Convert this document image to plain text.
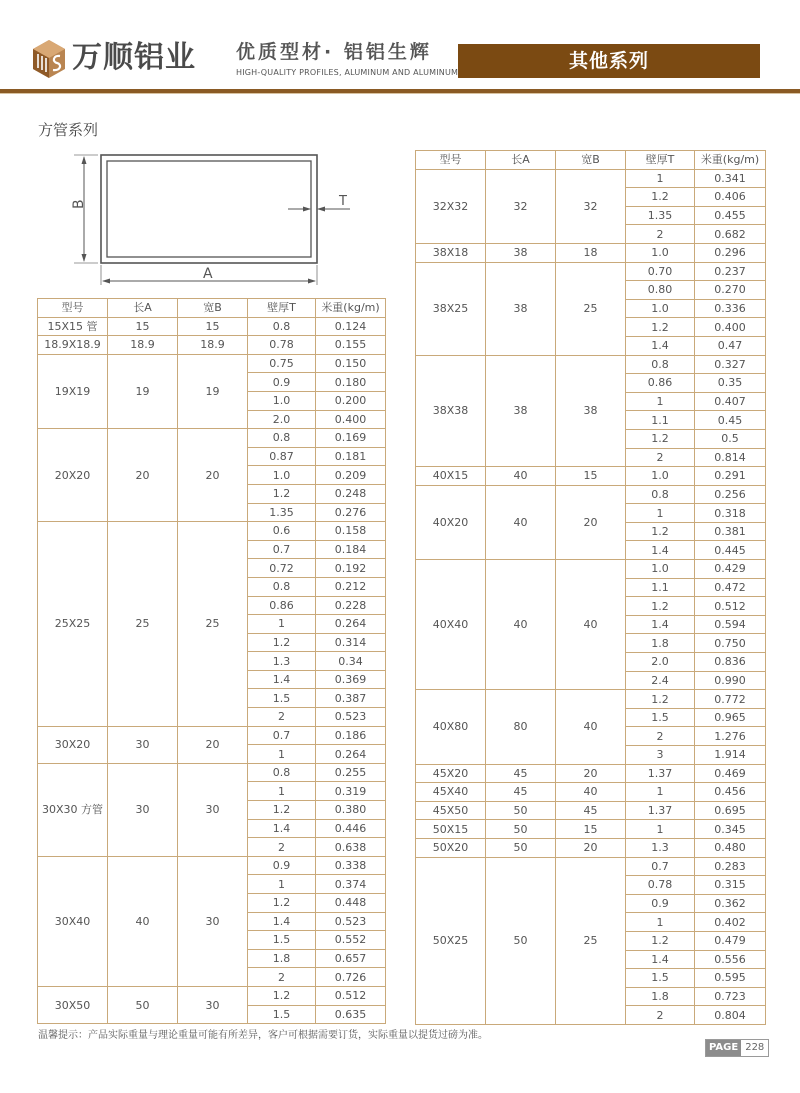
万顺铝业 优质型材· 铝铝生辉
HIGH-QUALITY PROFILES, ALUMINUM AND ALUMINUM
其他系列
方管系列
B
A
T
型号	长A	宽B	壁厚T	米重(kg/m)
15X15 管	15	15	0.8	0.124
18.9X18.9	18.9	18.9	0.78	0.155
19X19	19	19	0.75	0.150
			0.9	0.180
			1.0	0.200
			2.0	0.400
20X20	20	20	0.8	0.169
			0.87	0.181
			1.0	0.209
			1.2	0.248
			1.35	0.276
25X25	25	25	0.6	0.158
			0.7	0.184
			0.72	0.192
			0.8	0.212
			0.86	0.228
			1	0.264
			1.2	0.314
			1.3	0.34
			1.4	0.369
			1.5	0.387
			2	0.523
30X20	30	20	0.7	0.186
			1	0.264
30X30 方管	30	30	0.8	0.255
			1	0.319
			1.2	0.380
			1.4	0.446
			2	0.638
30X40	40	30	0.9	0.338
			1	0.374
			1.2	0.448
			1.4	0.523
			1.5	0.552
			1.8	0.657
			2	0.726
30X50	50	30	1.2	0.512
			1.5	0.635
型号	长A	宽B	壁厚T	米重(kg/m)
32X32	32	32	1	0.341
			1.2	0.406
			1.35	0.455
			2	0.682
38X18	38	18	1.0	0.296
38X25	38	25	0.70	0.237
			0.80	0.270
			1.0	0.336
			1.2	0.400
			1.4	0.47
38X38	38	38	0.8	0.327
			0.86	0.35
			1	0.407
			1.1	0.45
			1.2	0.5
			2	0.814
40X15	40	15	1.0	0.291
40X20	40	20	0.8	0.256
			1	0.318
			1.2	0.381
			1.4	0.445
40X40	40	40	1.0	0.429
			1.1	0.472
			1.2	0.512
			1.4	0.594
			1.8	0.750
			2.0	0.836
			2.4	0.990
40X80	80	40	1.2	0.772
			1.5	0.965
			2	1.276
			3	1.914
45X20	45	20	1.37	0.469
45X40	45	40	1	0.456
45X50	50	45	1.37	0.695
50X15	50	15	1	0.345
50X20	50	20	1.3	0.480
50X25	50	25	0.7	0.283
			0.78	0.315
			0.9	0.362
			1	0.402
			1.2	0.479
			1.4	0.556
			1.5	0.595
			1.8	0.723
			2	0.804
温馨提示：产品实际重量与理论重量可能有所差异，客户可根据需要订货，实际重量以提货过磅为准。
PAGE 228
